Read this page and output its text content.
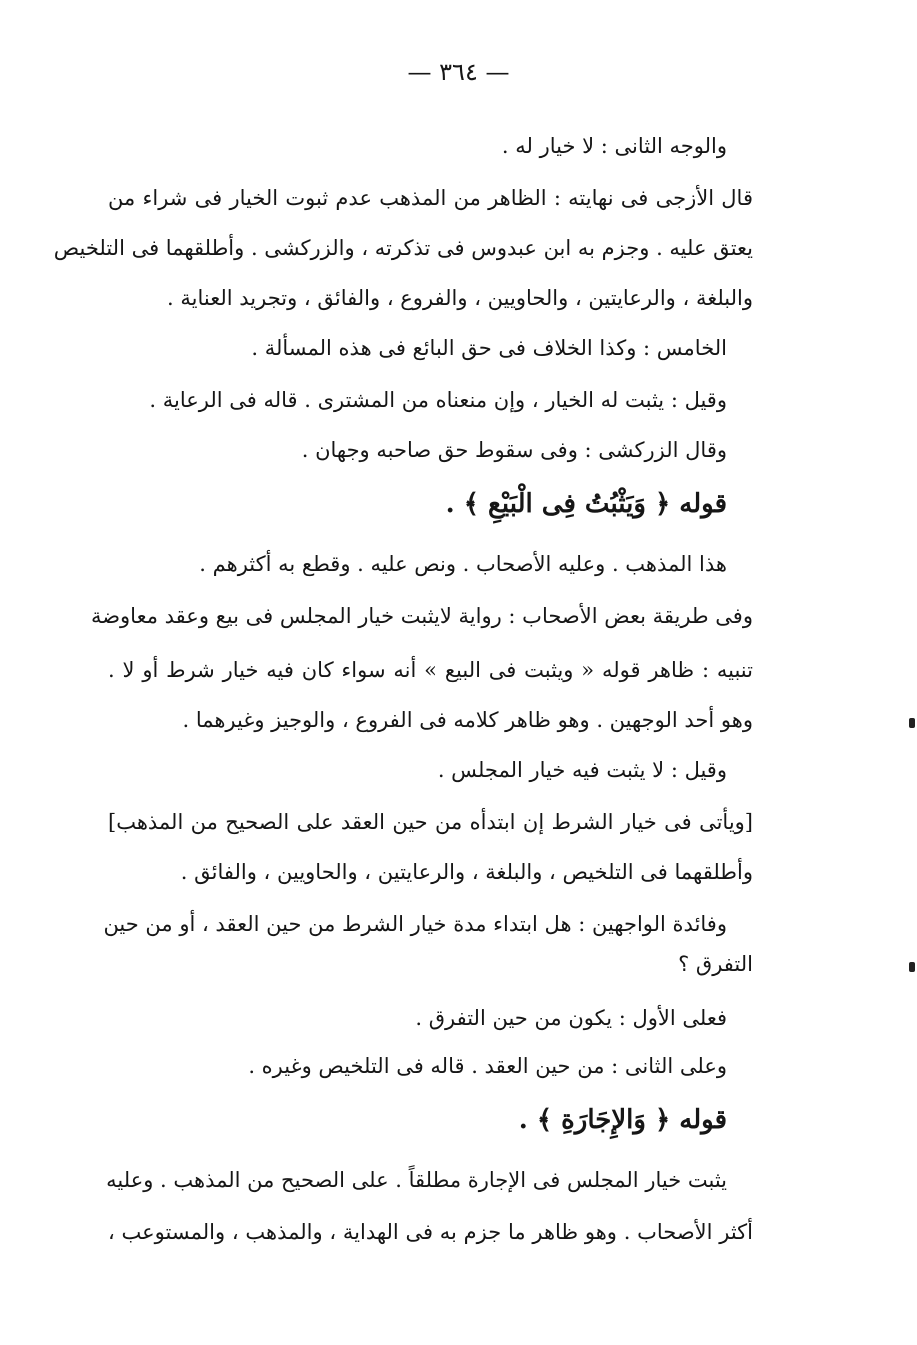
— ٣٦٤ —
والوجه الثانى : لا خيار له .
قال الأزجى فى نهايته : الظاهر من المذهب عدم ثبوت الخيار فى شراء من
يعتق عليه . وجزم به ابن عبدوس فى تذكرته ، والزركشى . وأطلقهما فى التلخيص
والبلغة ، والرعايتين ، والحاويين ، والفروع ، والفائق ، وتجريد العناية .
الخامس : وكذا الخلاف فى حق البائع فى هذه المسألة .
وقيل : يثبت له الخيار ، وإن منعناه من المشترى . قاله فى الرعاية .
وقال الزركشى : وفى سقوط حق صاحبه وجهان .
قوله ﴿ وَيَثْبُتُ فِى الْبَيْعِ ﴾ .
هذا المذهب . وعليه الأصحاب . ونص عليه . وقطع به أكثرهم .
وفى طريقة بعض الأصحاب : رواية لايثبت خيار المجلس فى بيع وعقد معاوضة
تنبيه : ظاهر قوله « ويثبت فى البيع » أنه سواء كان فيه خيار شرط أو لا .
وهو أحد الوجهين . وهو ظاهر كلامه فى الفروع ، والوجيز وغيرهما .
وقيل : لا يثبت فيه خيار المجلس .
[ويأتى فى خيار الشرط إن ابتدأه من حين العقد على الصحيح من المذهب]
وأطلقهما فى التلخيص ، والبلغة ، والرعايتين ، والحاويين ، والفائق .
وفائدة الواجهين : هل ابتداء مدة خيار الشرط من حين العقد ، أو من حين
التفرق ؟
فعلى الأول : يكون من حين التفرق .
وعلى الثانى : من حين العقد . قاله فى التلخيص وغيره .
قوله ﴿ وَالإِجَارَةِ ﴾ .
يثبت خيار المجلس فى الإجارة مطلقاً . على الصحيح من المذهب . وعليه
أكثر الأصحاب . وهو ظاهر ما جزم به فى الهداية ، والمذهب ، والمستوعب ،
